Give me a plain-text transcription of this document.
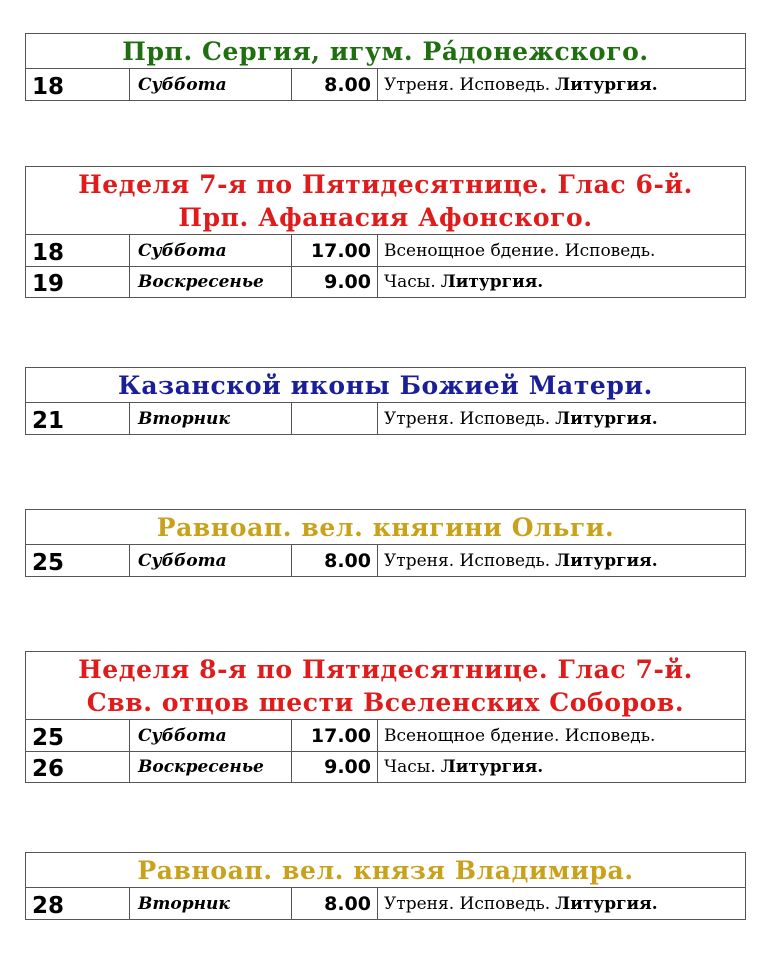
Прп. Сергия, игум. Ра́донежского.
18	Суббота	8.00 Утреня. Исповедь. Литургия.
Неделя 7-я по Пятидесятнице. Глас 6-й.
Прп. Афанасия Афонского.
18	Суббота	17.00 Всенощное бдение. Исповедь.
19	Воскресенье	9.00 Часы. Литургия.
Казанской иконы Божией Матери.
21	Вторник	Утреня. Исповедь. Литургия.
Равноап. вел. княгини Ольги.
25	Суббота	8.00 Утреня. Исповедь. Литургия.
Неделя 8-я по Пятидесятнице. Глас 7-й.
Свв. отцов шести Вселенских Соборов.
25	Суббота	17.00 Всенощное бдение. Исповедь.
26	Воскресенье	9.00 Часы. Литургия.
Равноап. вел. князя Владимира.
28	Вторник	8.00 Утреня. Исповедь. Литургия.
